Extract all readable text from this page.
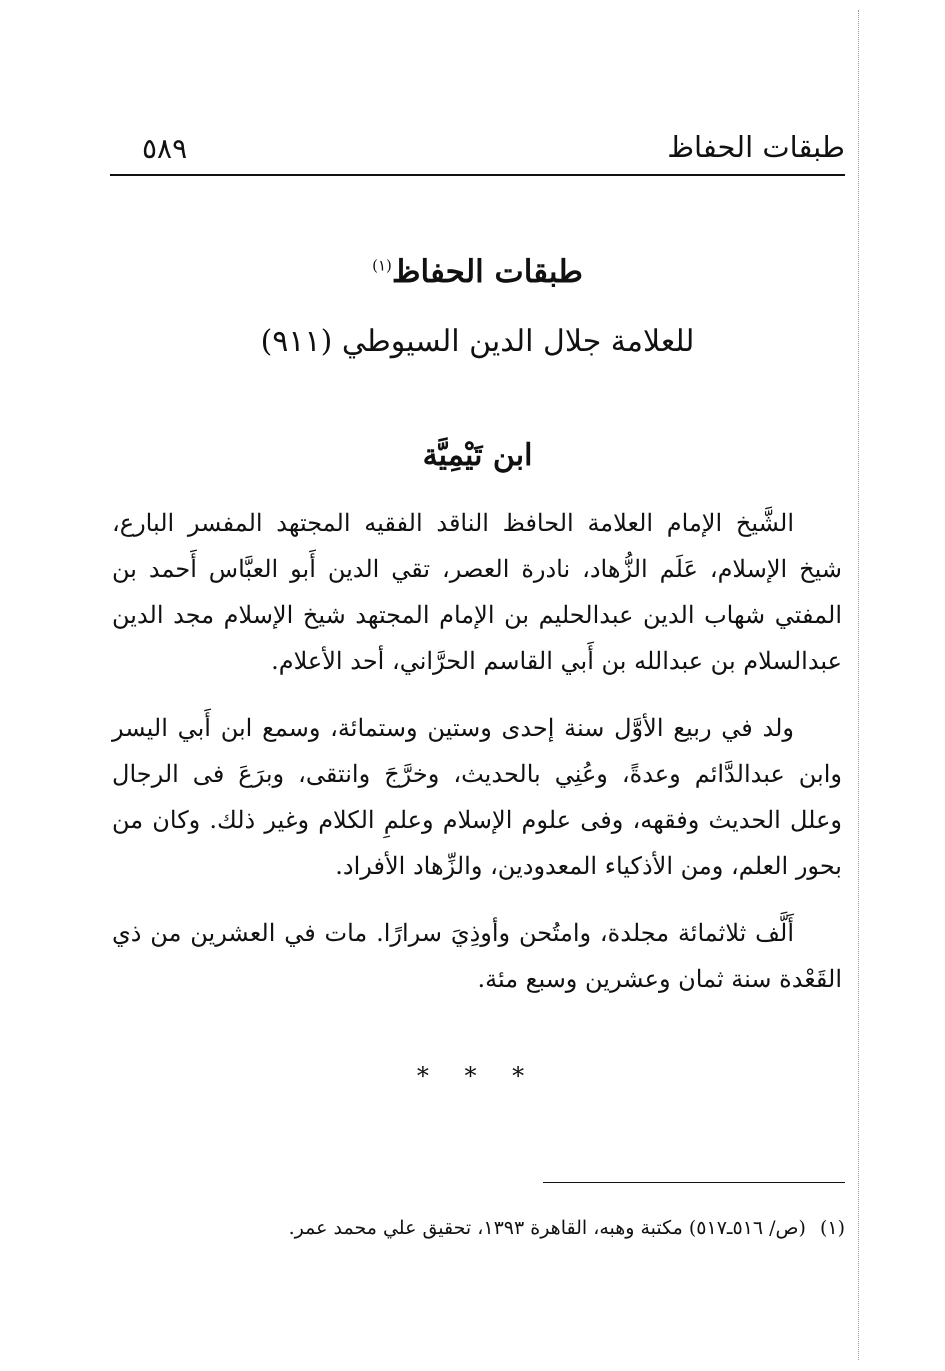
طبقات الحفاظ
٥٨٩
طبقات الحفاظ$^{(١)}$
للعلامة جلال الدين السيوطي (٩١١)
ابن تَيْمِيَّة

الشَّيخ الإمام العلامة الحافظ الناقد الفقيه المجتهد المفسر البارع، شيخ الإسلام، عَلَم الزُّهاد، نادرة العصر، تقي الدين أَبو العبَّاس أَحمد بن المفتي شهاب الدين عبدالحليم بن الإمام المجتهد شيخ الإسلام مجد الدين عبدالسلام بن عبدالله بن أَبي القاسم الحرَّاني، أحد الأعلام.

ولد في ربيع الأوَّل سنة إحدى وستين وستمائة، وسمع ابن أَبي اليسر وابن عبدالدَّائم وعدةً، وعُنِي بالحديث، وخرَّجَ وانتقى، وبرَعَ فى الرجال وعلل الحديث وفقهه، وفى علوم الإسلام وعلمِ الكلام وغير ذلك. وكان من بحور العلم، ومن الأذكياء المعدودين، والزِّهاد الأفراد.

أَلَّف ثلاثمائة مجلدة، وامتُحن وأوذِيَ سرارًا. مات في العشرين من ذي القَعْدة سنة ثمان وعشرين وسبع مئة.

* * *
(١)(ص/ ٥١٦ـ٥١٧) مكتبة وهبه، القاهرة ١٣٩٣، تحقيق علي محمد عمر.
